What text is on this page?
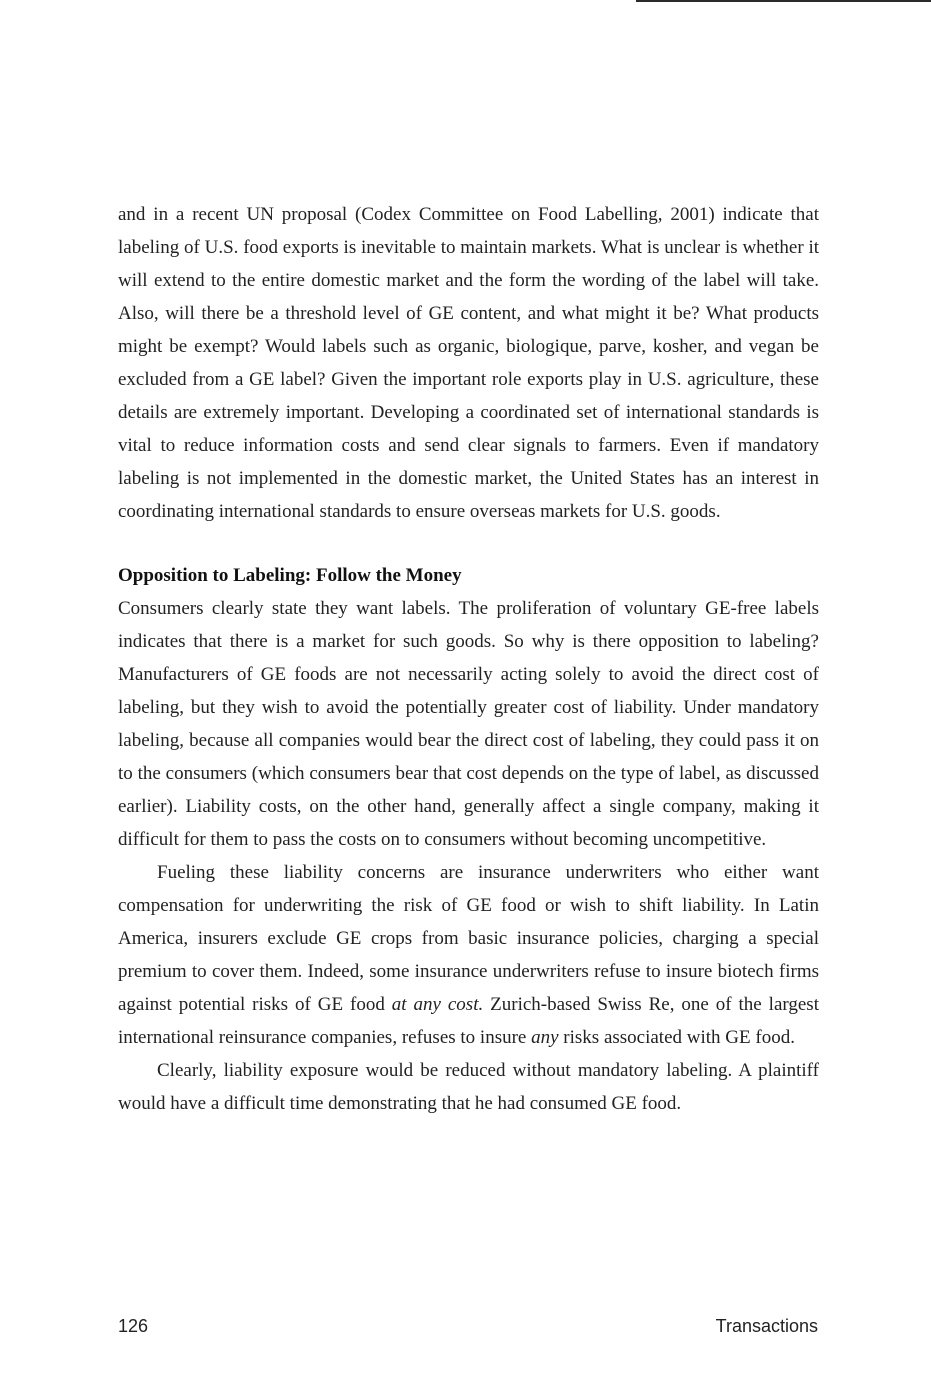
and in a recent UN proposal (Codex Committee on Food Labelling, 2001) indicate that labeling of U.S. food exports is inevitable to maintain markets. What is unclear is whether it will extend to the entire domestic market and the form the wording of the label will take. Also, will there be a threshold level of GE content, and what might it be? What products might be exempt? Would labels such as organic, biologique, parve, kosher, and vegan be excluded from a GE label? Given the important role exports play in U.S. agriculture, these details are extremely important. Developing a coordinated set of international standards is vital to reduce information costs and send clear signals to farmers. Even if mandatory labeling is not implemented in the domestic market, the United States has an interest in coordinating international standards to ensure overseas markets for U.S. goods.

Opposition to Labeling: Follow the Money

Consumers clearly state they want labels. The proliferation of voluntary GE-free labels indicates that there is a market for such goods. So why is there opposition to labeling? Manufacturers of GE foods are not necessarily acting solely to avoid the direct cost of labeling, but they wish to avoid the potentially greater cost of liability. Under mandatory labeling, because all companies would bear the direct cost of labeling, they could pass it on to the consumers (which consumers bear that cost depends on the type of label, as discussed earlier). Liability costs, on the other hand, generally affect a single company, making it difficult for them to pass the costs on to consumers without becoming uncompetitive.

Fueling these liability concerns are insurance underwriters who either want compensation for underwriting the risk of GE food or wish to shift liability. In Latin America, insurers exclude GE crops from basic insurance policies, charging a special premium to cover them. Indeed, some insurance underwriters refuse to insure biotech firms against potential risks of GE food at any cost. Zurich-based Swiss Re, one of the largest international reinsurance companies, refuses to insure any risks associated with GE food.

Clearly, liability exposure would be reduced without mandatory labeling. A plaintiff would have a difficult time demonstrating that he had consumed GE food.

126	Transactions
